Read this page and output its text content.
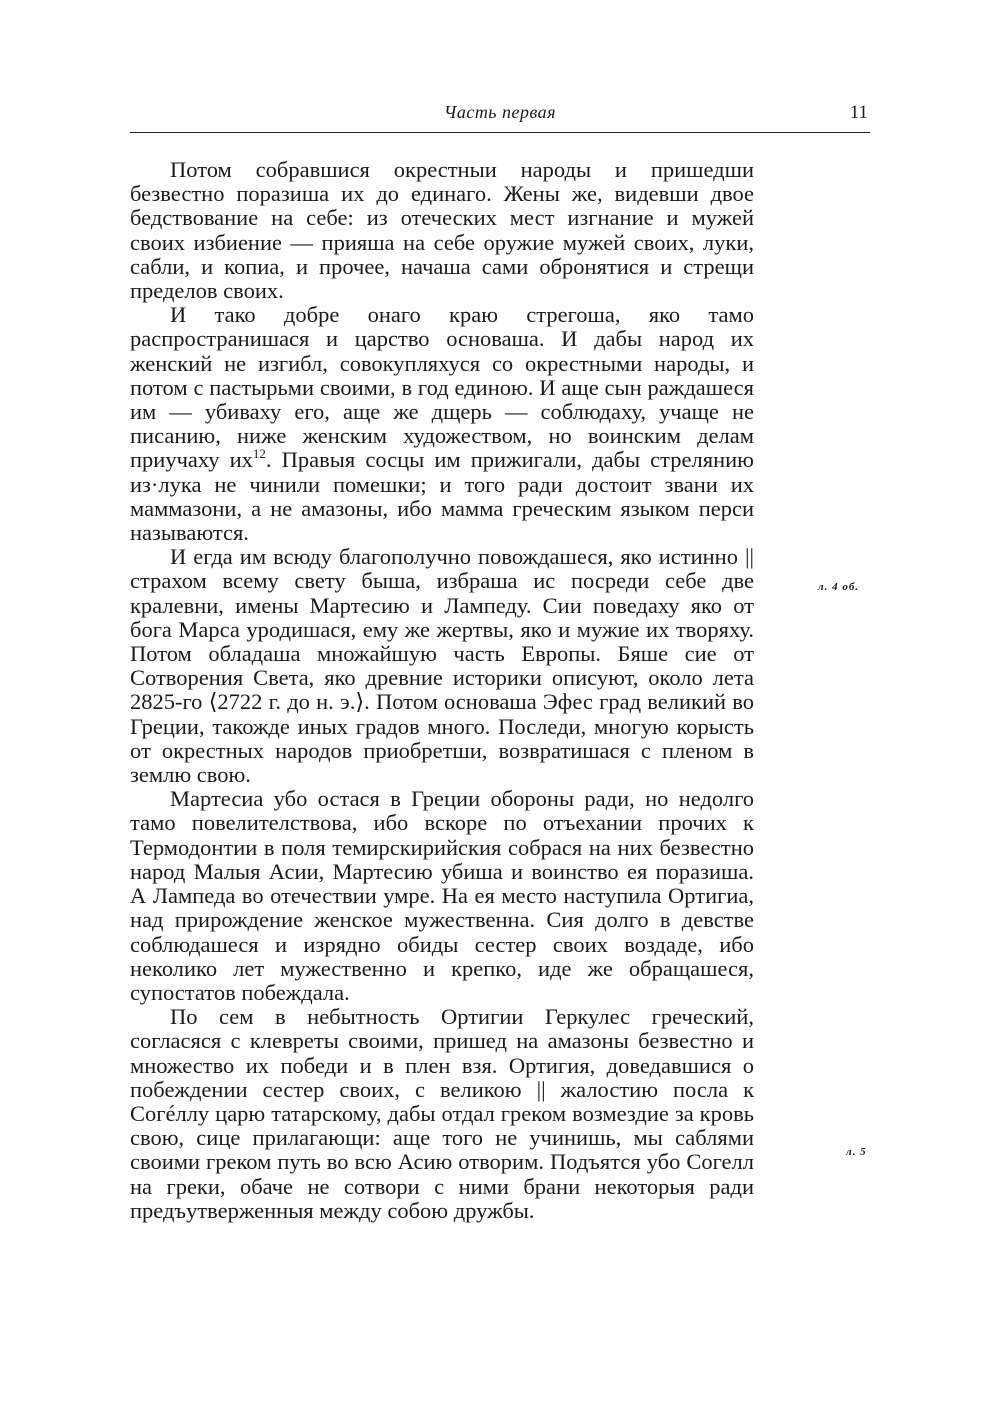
Часть первая	11

Потом собравшися окрестныи народы и пришедши безвестно поразиша их до единаго. Жены же, видевши двое бедствование на себе: из отеческих мест изгнание и мужей своих избиение — прияша на себе оружие мужей своих, луки, сабли, и копиа, и прочее, начаша сами обронятися и стрещи пределов своих.

И тако добре онаго краю стрегоша, яко тамо распространишася и царство основаша. И дабы народ их женский не изгибл, совокупляхуся со окрестными народы, и потом с пастырьми своими, в год единою. И аще сын раждашеся им — убиваху его, аще же дщерь — соблюдаху, учаще не писанию, ниже женским художеством, но воинским делам приучаху $их^{12}$. Правыя сосцы им прижигали, дабы стрелянию из·лука не чинили помешки; и того ради достоит звани их маммазони, а не амазоны, ибо мамма греческим языком перси называются.

И егда им всюду благополучно повождашеся, яко истинно || страхом всему свету быша, избраша ис посреди себе две кралевни, имены Мартесию и Лампеду. Сии поведаху яко от бога Марса уродишася, ему же жертвы, яко и мужие их творяху. Потом обладаша множайшую часть Европы. Бяше сие от Сотворения Света, яко древние историки описуют, около лета 2825-го ⟨2722 г. до н. э.⟩. Потом основаша Эфес град великий во Греции, такожде иных градов много. Последи, многую корысть от окрестных народов приобретши, возвратишася с пленом в землю свою.

Мартесиа убо остася в Греции обороны ради, но недолго тамо повелителствова, ибо вскоре по отъехании прочих к Термодонтии в поля темирскирийския собрася на них безвестно народ Малыя Асии, Мартесию убиша и воинство ея поразиша. А Лампеда во отечествии умре. На ея место наступила Ортигиа, над прирождение женское мужественна. Сия долго в девстве соблюдашеся и изрядно обиды сестер своих воздаде, ибо неколико лет мужественно и крепко, иде же обращашеся, супостатов побеждала.

По сем в небытность Ортигии Геркулес греческий, согласяся с клевреты своими, пришед на амазоны безвестно и множество их победи и в плен взя. Ортигия, доведавшися о побеждении сестер своих, с великою || жалостию посла к Согéллу царю татарскому, дабы отдал греком возмездие за кровь свою, сице прилагающи: аще того не учинишь, мы саблями своими греком путь во всю Асию отворим. Подъятся убо Согелл на греки, обаче не сотвори с ними брани некоторыя ради предъутверженныя между собою дружбы.

л. 4 об.
л. 5
